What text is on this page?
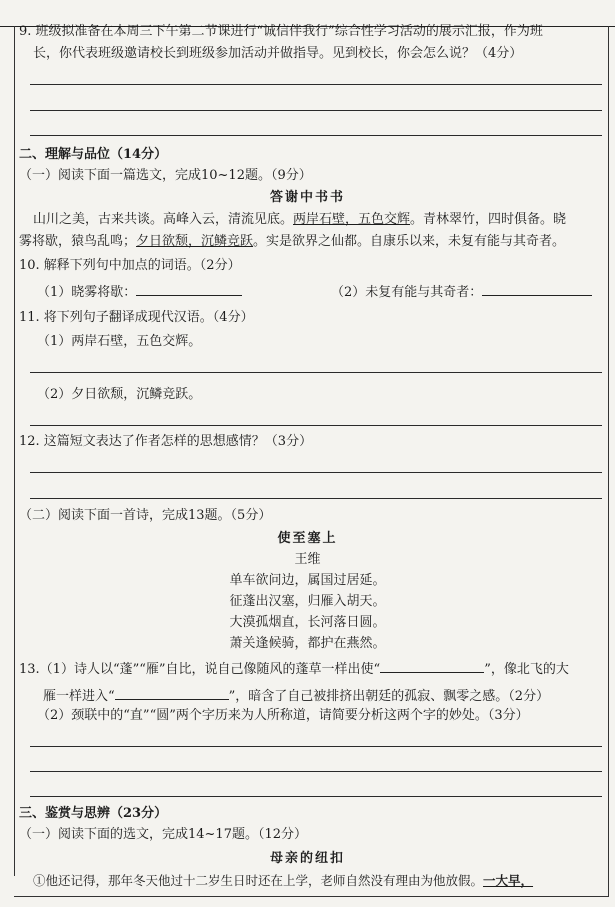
9. 班级拟准备在本周三下午第二节课进行“诚信伴我行”综合性学习活动的展示汇报，作为班
长，你代表班级邀请校长到班级参加活动并做指导。见到校长，你会怎么说？（4分）
二、理解与品位（14分）
（一）阅读下面一篇选文，完成10~12题。（9分）
答谢中书书
山川之美，古来共谈。高峰入云，清流见底。两岸石壁，五色交辉。青林翠竹，四时俱备。晓
雾将歇，猿鸟乱鸣；夕日欲颓，沉鳞竞跃。实是欲界之仙都。自康乐以来，未复有能与其奇者。
10. 解释下列句中加点的词语。（2分）
（1）晓雾将歇：	（2）未复有能与其奇者：
11. 将下列句子翻译成现代汉语。（4分）
（1）两岸石壁，五色交辉。
（2）夕日欲颓，沉鳞竞跃。
12. 这篇短文表达了作者怎样的思想感情？（3分）
（二）阅读下面一首诗，完成13题。（5分）
使至塞上
王维
单车欲问边，属国过居延。
征蓬出汉塞，归雁入胡天。
大漠孤烟直，长河落日圆。
萧关逢候骑，都护在燕然。
13.（1）诗人以“蓬”“雁”自比，说自己像随风的蓬草一样出使“	”，像北飞的大
雁一样进入“	”，暗含了自己被排挤出朝廷的孤寂、飘零之感。（2分）
（2）颈联中的“直”“圆”两个字历来为人所称道，请简要分析这两个字的妙处。（3分）
三、鉴赏与思辨（23分）
（一）阅读下面的选文，完成14~17题。（12分）
母亲的纽扣
①他还记得，那年冬天他过十二岁生日时还在上学，老师自然没有理由为他放假。一大早，
